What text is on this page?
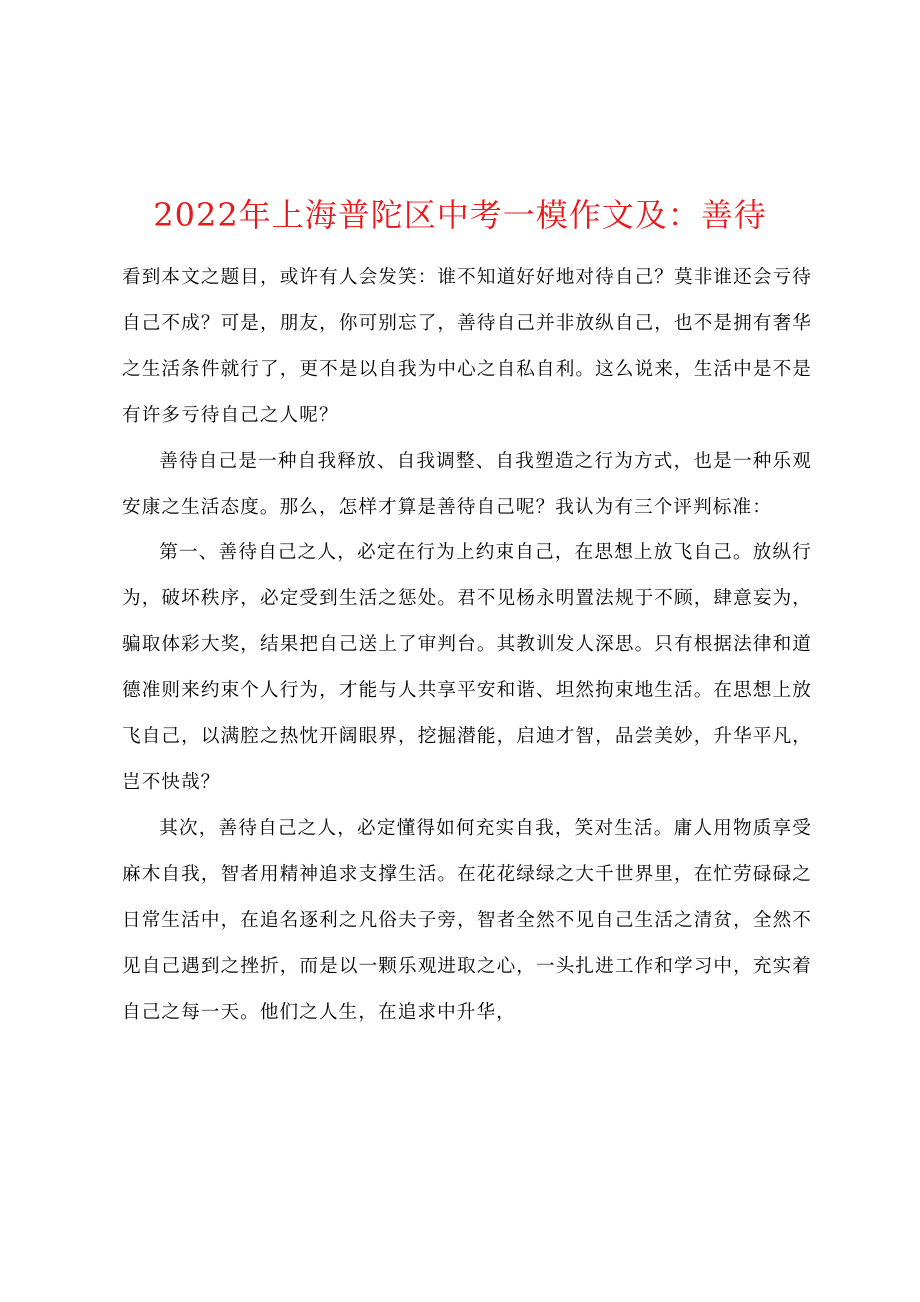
2022年上海普陀区中考一模作文及：善待

看到本文之题目，或许有人会发笑：谁不知道好好地对待自己？莫非谁还会亏待自己不成？可是，朋友，你可别忘了，善待自己并非放纵自己，也不是拥有奢华之生活条件就行了，更不是以自我为中心之自私自利。这么说来，生活中是不是有许多亏待自己之人呢？

善待自己是一种自我释放、自我调整、自我塑造之行为方式，也是一种乐观安康之生活态度。那么，怎样才算是善待自己呢？我认为有三个评判标准：

第一、善待自己之人，必定在行为上约束自己，在思想上放飞自己。放纵行为，破坏秩序，必定受到生活之惩处。君不见杨永明置法规于不顾，肆意妄为，骗取体彩大奖，结果把自己送上了审判台。其教训发人深思。只有根据法律和道德准则来约束个人行为，才能与人共享平安和谐、坦然拘束地生活。在思想上放飞自己，以满腔之热忱开阔眼界，挖掘潜能，启迪才智，品尝美妙，升华平凡，岂不快哉？

其次，善待自己之人，必定懂得如何充实自我，笑对生活。庸人用物质享受麻木自我，智者用精神追求支撑生活。在花花绿绿之大千世界里，在忙劳碌碌之日常生活中，在追名逐利之凡俗夫子旁，智者全然不见自己生活之清贫，全然不见自己遇到之挫折，而是以一颗乐观进取之心，一头扎进工作和学习中，充实着自己之每一天。他们之人生，在追求中升华，
